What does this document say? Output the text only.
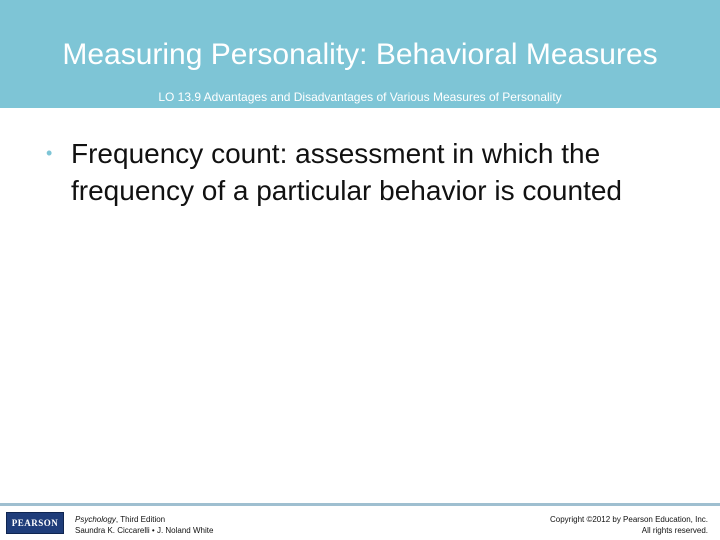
Measuring Personality: Behavioral Measures
LO 13.9 Advantages and Disadvantages of Various Measures of Personality
• Frequency count: assessment in which the frequency of a particular behavior is counted
PEARSON Psychology, Third Edition
Saundra K. Ciccarelli • J. Noland White
Copyright ©2012 by Pearson Education, Inc.
All rights reserved.
